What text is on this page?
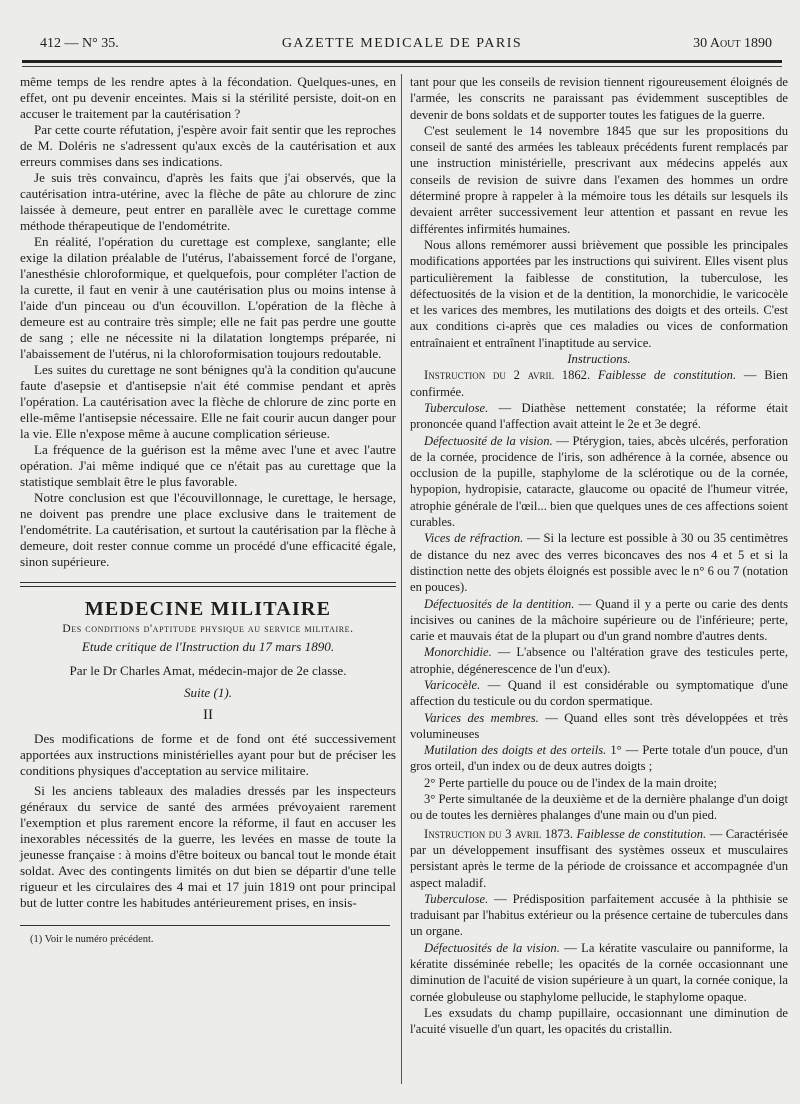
412 — N° 35.	GAZETTE MEDICALE DE PARIS	30 Aout 1890

même temps de les rendre aptes à la fécondation. Quelques-unes, en effet, ont pu devenir enceintes. Mais si la stérilité persiste, doit-on en accuser le traitement par la cautérisation ?

Par cette courte réfutation, j'espère avoir fait sentir que les reproches de M. Doléris ne s'adressent qu'aux excès de la cautérisation et aux erreurs commises dans ses indications.

Je suis très convaincu, d'après les faits que j'ai observés, que la cautérisation intra-utérine, avec la flèche de pâte au chlorure de zinc laissée à demeure, peut entrer en parallèle avec le curettage comme méthode thérapeutique de l'endométrite.

En réalité, l'opération du curettage est complexe, sanglante; elle exige la dilation préalable de l'utérus, l'abaissement forcé de l'organe, l'anesthésie chloroformique, et quelquefois, pour compléter l'action de la curette, il faut en venir à une cautérisation plus ou moins intense à l'aide d'un pinceau ou d'un écouvillon. L'opération de la flèche à demeure est au contraire très simple; elle ne fait pas perdre une goutte de sang ; elle ne nécessite ni la dilatation longtemps préparée, ni l'abaissement de l'utérus, ni la chloroformisation toujours redoutable.

Les suites du curettage ne sont bénignes qu'à la condition qu'aucune faute d'asepsie et d'antisepsie n'ait été commise pendant et après l'opération. La cautérisation avec la flèche de chlorure de zinc porte en elle-même l'antisepsie nécessaire. Elle ne fait courir aucun danger pour la vie. Elle n'expose même à aucune complication sérieuse.

La fréquence de la guérison est la même avec l'une et avec l'autre opération. J'ai même indiqué que ce n'était pas au curettage que la statistique semblait être le plus favorable.

Notre conclusion est que l'écouvillonnage, le curettage, le hersage, ne doivent pas prendre une place exclusive dans le traitement de l'endométrite. La cautérisation, et surtout la cautérisation par la flèche à demeure, doit rester connue comme un procédé d'une efficacité égale, sinon supérieure.

MEDECINE MILITAIRE
Des conditions d'aptitude physique au service militaire.

Etude critique de l'Instruction du 17 mars 1890.

Par le Dr Charles Amat, médecin-major de 2e classe.

Suite (1).

II

Des modifications de forme et de fond ont été successivement apportées aux instructions ministérielles ayant pour but de préciser les conditions physiques d'acceptation au service militaire.

Si les anciens tableaux des maladies dressés par les inspecteurs généraux du service de santé des armées prévoyaient rarement l'exemption et plus rarement encore la réforme, il faut en accuser les inexorables nécessités de la guerre, les levées en masse de toute la jeunesse française : à moins d'être boiteux ou bancal tout le monde était soldat. Avec des contingents limités on dut bien se départir d'une telle rigueur et les circulaires des 4 mai et 17 juin 1819 ont pour principal but de lutter contre les habitudes antérieurement prises, en insis-

(1) Voir le numéro précédent.

tant pour que les conseils de revision tiennent rigoureusement éloignés de l'armée, les conscrits ne paraissant pas évidemment susceptibles de devenir de bons soldats et de supporter toutes les fatigues de la guerre.

C'est seulement le 14 novembre 1845 que sur les propositions du conseil de santé des armées les tableaux précédents furent remplacés par une instruction ministérielle, prescrivant aux médecins appelés aux conseils de revision de suivre dans l'examen des hommes un ordre déterminé propre à rappeler à la mémoire tous les détails sur lesquels ils devaient arrêter successivement leur attention et passant en revue les différentes infirmités humaines.

Nous allons remémorer aussi brièvement que possible les principales modifications apportées par les instructions qui suivirent. Elles visent plus particulièrement la faiblesse de constitution, la tuberculose, les défectuosités de la vision et de la dentition, la monorchidie, le varicocèle et les varices des membres, les mutilations des doigts et des orteils. C'est aux conditions ci-après que ces maladies ou vices de conformation entraînaient et entraînent l'inaptitude au service.

Instructions.

Instruction du 2 avril 1862. Faiblesse de constitution. — Bien confirmée.

Tuberculose. — Diathèse nettement constatée; la réforme était prononcée quand l'affection avait atteint le 2e et 3e degré.

Défectuosité de la vision. — Ptérygion, taies, abcès ulcérés, perforation de la cornée, procidence de l'iris, son adhérence à la cornée, absence ou occlusion de la pupille, staphylome de la sclérotique ou de la cornée, hypopion, hydropisie, cataracte, glaucome ou opacité de l'humeur vitrée, atrophie générale de l'œil... bien que quelques unes de ces affections soient curables.

Vices de réfraction. — Si la lecture est possible à 30 ou 35 centimètres de distance du nez avec des verres biconcaves des nos 4 et 5 et si la distinction nette des objets éloignés est possible avec le n° 6 ou 7 (notation en pouces).

Défectuosités de la dentition. — Quand il y a perte ou carie des dents incisives ou canines de la mâchoire supérieure ou de l'inférieure; perte, carie et mauvais état de la plupart ou d'un grand nombre d'autres dents.

Monorchidie. — L'absence ou l'altération grave des testicules perte, atrophie, dégénerescence de l'un d'eux).

Varicocèle. — Quand il est considérable ou symptomatique d'une affection du testicule ou du cordon spermatique.

Varices des membres. — Quand elles sont très développées et très volumineuses

Mutilation des doigts et des orteils. 1° — Perte totale d'un pouce, d'un gros orteil, d'un index ou de deux autres doigts ;

2° Perte partielle du pouce ou de l'index de la main droite;

3° Perte simultanée de la deuxième et de la dernière phalange d'un doigt ou de toutes les dernières phalanges d'une main ou d'un pied.

Instruction du 3 avril 1873. Faiblesse de constitution. — Caractérisée par un développement insuffisant des systèmes osseux et musculaires persistant après le terme de la période de croissance et accompagnée d'un aspect maladif.

Tuberculose. — Prédisposition parfaitement accusée à la phthisie se traduisant par l'habitus extérieur ou la présence certaine de tubercules dans un organe.

Défectuosités de la vision. — La kératite vasculaire ou panniforme, la kératite disséminée rebelle; les opacités de la cornée occasionnant une diminution de l'acuité de vision supérieure à un quart, la cornée conique, la cornée globuleuse ou staphylome pellucide, le staphylome opaque.

Les exsudats du champ pupillaire, occasionnant une diminution de l'acuité visuelle d'un quart, les opacités du cristallin.
